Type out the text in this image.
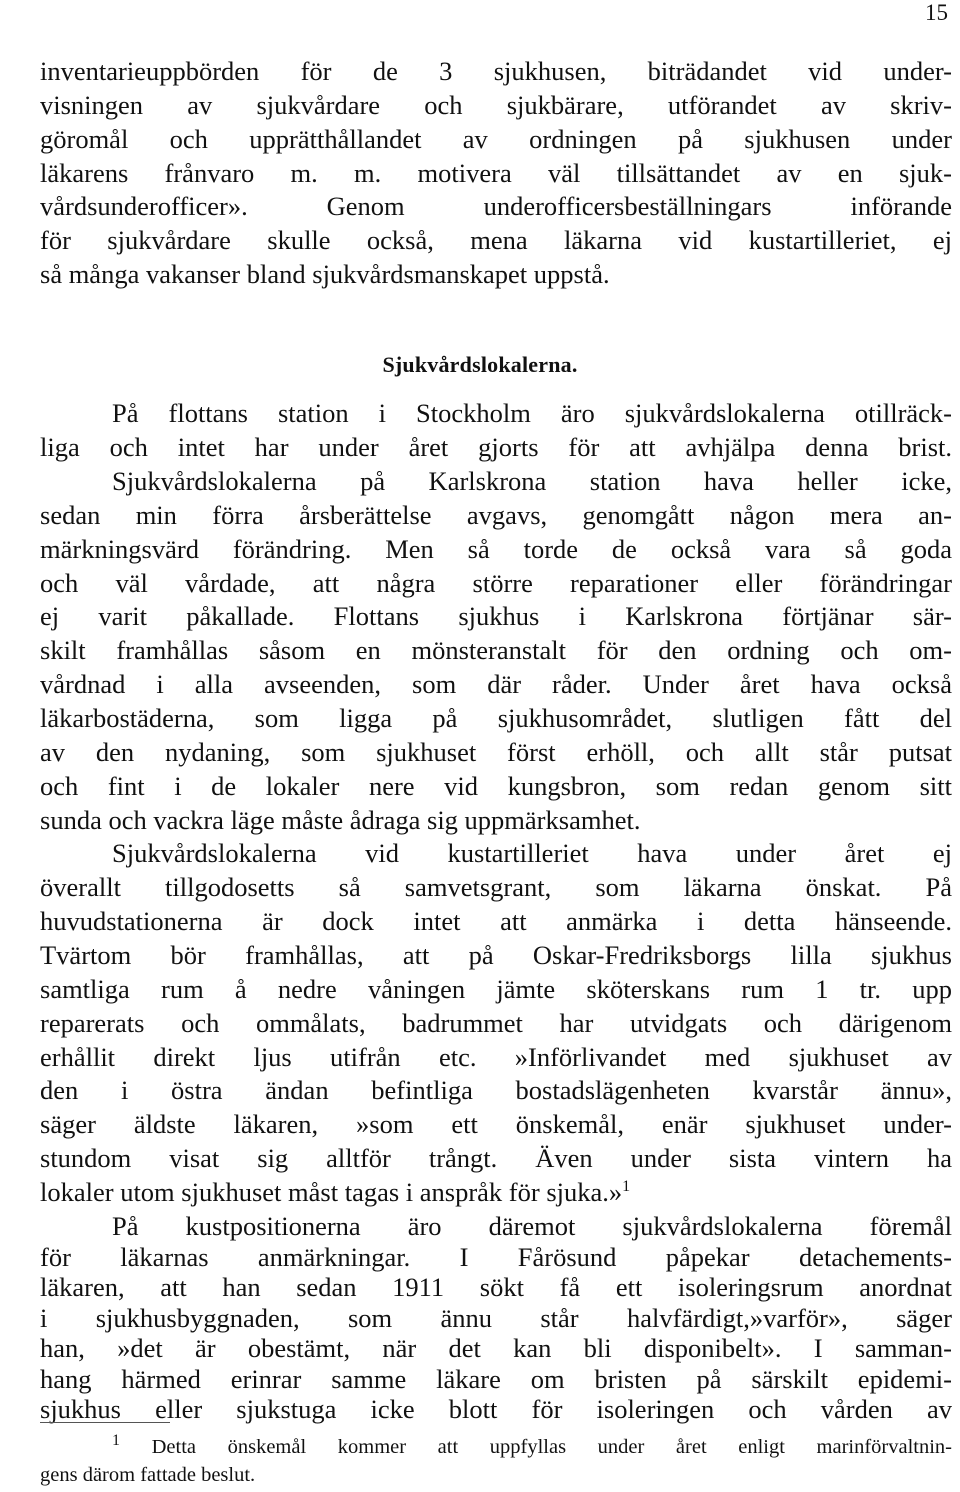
15
inventarieuppbörden för de 3 sjukhusen, biträdandet vid under-
visningen av sjukvårdare och sjukbärare, utförandet av skriv-
göromål och upprätthållandet av ordningen på sjukhusen under
läkarens frånvaro m. m. motivera väl tillsättandet av en sjuk-
vårdsunderofficer». Genom underofficersbeställningars införande
för sjukvårdare skulle också, mena läkarna vid kustartilleriet, ej
så många vakanser bland sjukvårdsmanskapet uppstå.
Sjukvårdslokalerna.
På flottans station i Stockholm äro sjukvårdslokalerna otillräck-
liga och intet har under året gjorts för att avhjälpa denna brist.
Sjukvårdslokalerna på Karlskrona station hava heller icke,
sedan min förra årsberättelse avgavs, genomgått någon mera an-
märkningsvärd förändring. Men så torde de också vara så goda
och väl vårdade, att några större reparationer eller förändringar
ej varit påkallade. Flottans sjukhus i Karlskrona förtjänar sär-
skilt framhållas såsom en mönsteranstalt för den ordning och om-
vårdnad i alla avseenden, som där råder. Under året hava också
läkarbostäderna, som ligga på sjukhusområdet, slutligen fått del
av den nydaning, som sjukhuset först erhöll, och allt står putsat
och fint i de lokaler nere vid kungsbron, som redan genom sitt
sunda och vackra läge måste ådraga sig uppmärksamhet.
Sjukvårdslokalerna vid kustartilleriet hava under året ej
överallt tillgodosetts så samvetsgrant, som läkarna önskat. På
huvudstationerna är dock intet att anmärka i detta hänseende.
Tvärtom bör framhållas, att på Oskar-Fredriksborgs lilla sjukhus
samtliga rum å nedre våningen jämte sköterskans rum 1 tr. upp
reparerats och ommålats, badrummet har utvidgats och därigenom
erhållit direkt ljus utifrån etc. »Införlivandet med sjukhuset av
den i östra ändan befintliga bostadslägenheten kvarstår ännu»,
säger äldste läkaren, »som ett önskemål, enär sjukhuset under-
stundom visat sig alltför trångt. Även under sista vintern ha
lokaler utom sjukhuset måst tagas i anspråk för sjuka.»$^1$
På kustpositionerna äro däremot sjukvårdslokalerna föremål
för läkarnas anmärkningar. I Fårösund påpekar detachements-
läkaren, att han sedan 1911 sökt få ett isoleringsrum anordnat
i sjukhusbyggnaden, som ännu står halvfärdigt,»varför», säger
han, »det är obestämt, när det kan bli disponibelt». I samman-
hang härmed erinrar samme läkare om bristen på särskilt epidemi-
sjukhus eller sjukstuga icke blott för isoleringen och vården av
$^1$ Detta önskemål kommer att uppfyllas under året enligt marinförvaltnin-
gens därom fattade beslut.
